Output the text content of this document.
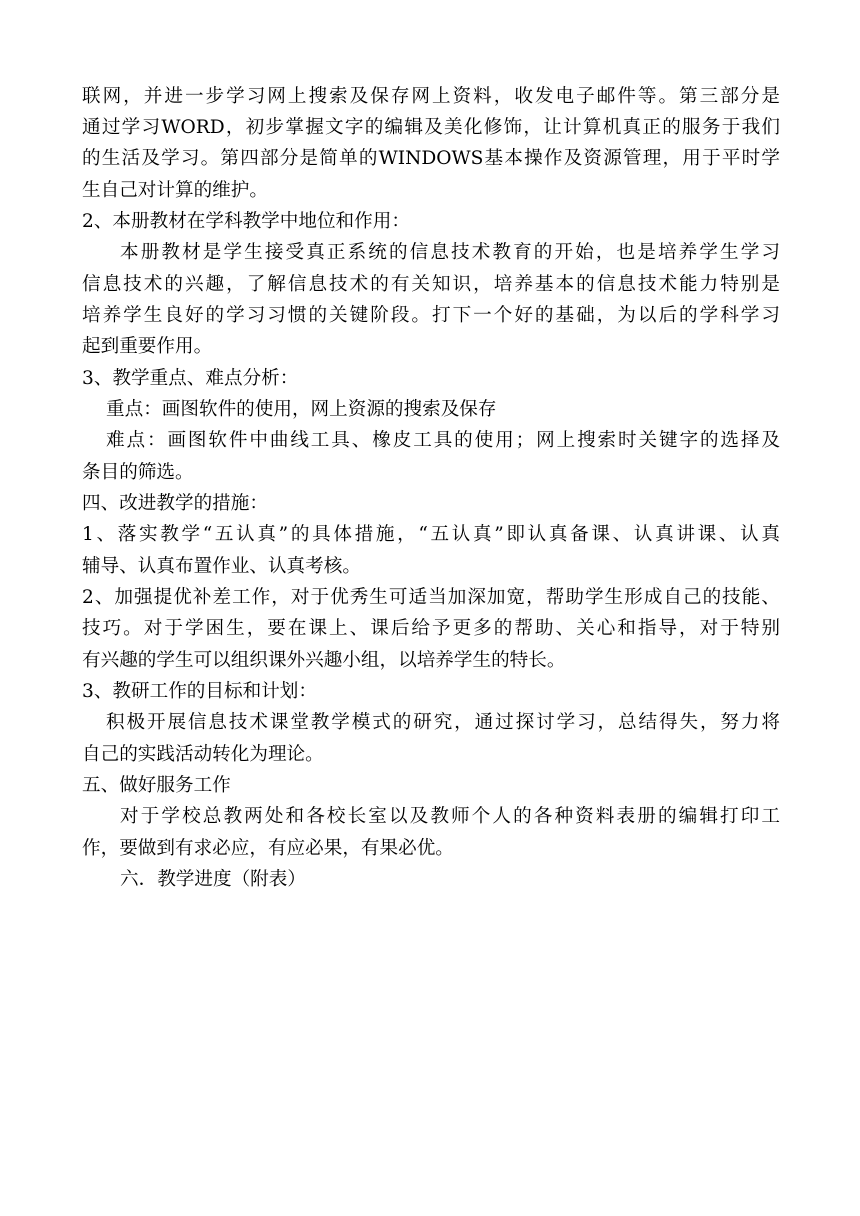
联网，并进一步学习网上搜索及保存网上资料，收发电子邮件等。第三部分是
通过学习WORD，初步掌握文字的编辑及美化修饰，让计算机真正的服务于我们
的生活及学习。第四部分是简单的WINDOWS基本操作及资源管理，用于平时学
生自己对计算的维护。
2、本册教材在学科教学中地位和作用：
本册教材是学生接受真正系统的信息技术教育的开始，也是培养学生学习
信息技术的兴趣，了解信息技术的有关知识，培养基本的信息技术能力特别是
培养学生良好的学习习惯的关键阶段。打下一个好的基础，为以后的学科学习
起到重要作用。
3、教学重点、难点分析：
重点：画图软件的使用，网上资源的搜索及保存
难点：画图软件中曲线工具、橡皮工具的使用；网上搜索时关键字的选择及
条目的筛选。
四、改进教学的措施：
1、落实教学“五认真”的具体措施，“五认真”即认真备课、认真讲课、认真
辅导、认真布置作业、认真考核。
2、加强提优补差工作，对于优秀生可适当加深加宽，帮助学生形成自己的技能、
技巧。对于学困生，要在课上、课后给予更多的帮助、关心和指导，对于特别
有兴趣的学生可以组织课外兴趣小组，以培养学生的特长。
3、教研工作的目标和计划：
积极开展信息技术课堂教学模式的研究，通过探讨学习，总结得失，努力将
自己的实践活动转化为理论。
五、做好服务工作
对于学校总教两处和各校长室以及教师个人的各种资料表册的编辑打印工
作，要做到有求必应，有应必果，有果必优。
六．教学进度（附表）
